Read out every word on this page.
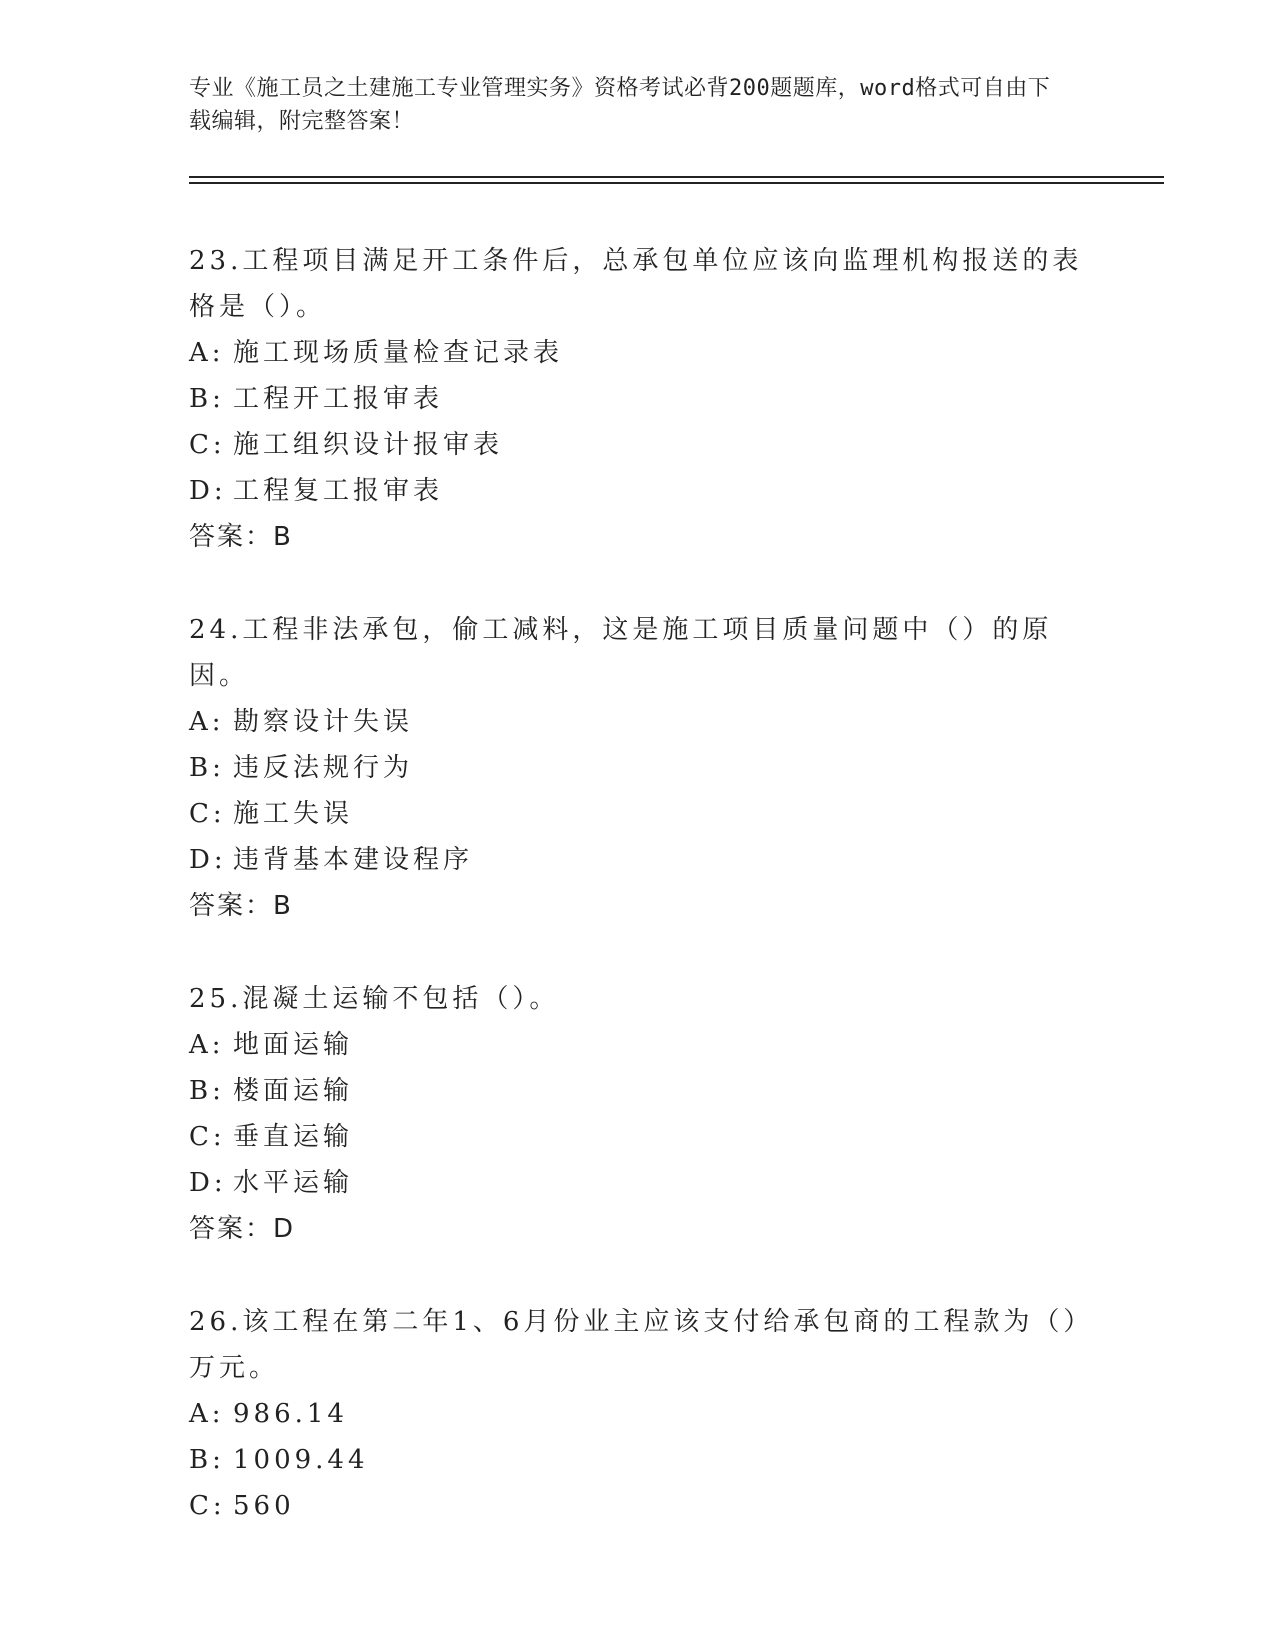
专业《施工员之土建施工专业管理实务》资格考试必背200题题库，word格式可自由下载编辑，附完整答案！

23.工程项目满足开工条件后，总承包单位应该向监理机构报送的表格是（）。

A: 施工现场质量检查记录表
B: 工程开工报审表
C: 施工组织设计报审表
D: 工程复工报审表
答案：B

24.工程非法承包，偷工减料，这是施工项目质量问题中（）的原因。

A: 勘察设计失误
B: 违反法规行为
C: 施工失误
D: 违背基本建设程序
答案：B

25.混凝土运输不包括（）。

A: 地面运输
B: 楼面运输
C: 垂直运输
D: 水平运输
答案：D

26.该工程在第二年1、6月份业主应该支付给承包商的工程款为（）万元。

A: 986.14
B: 1009.44
C: 560
